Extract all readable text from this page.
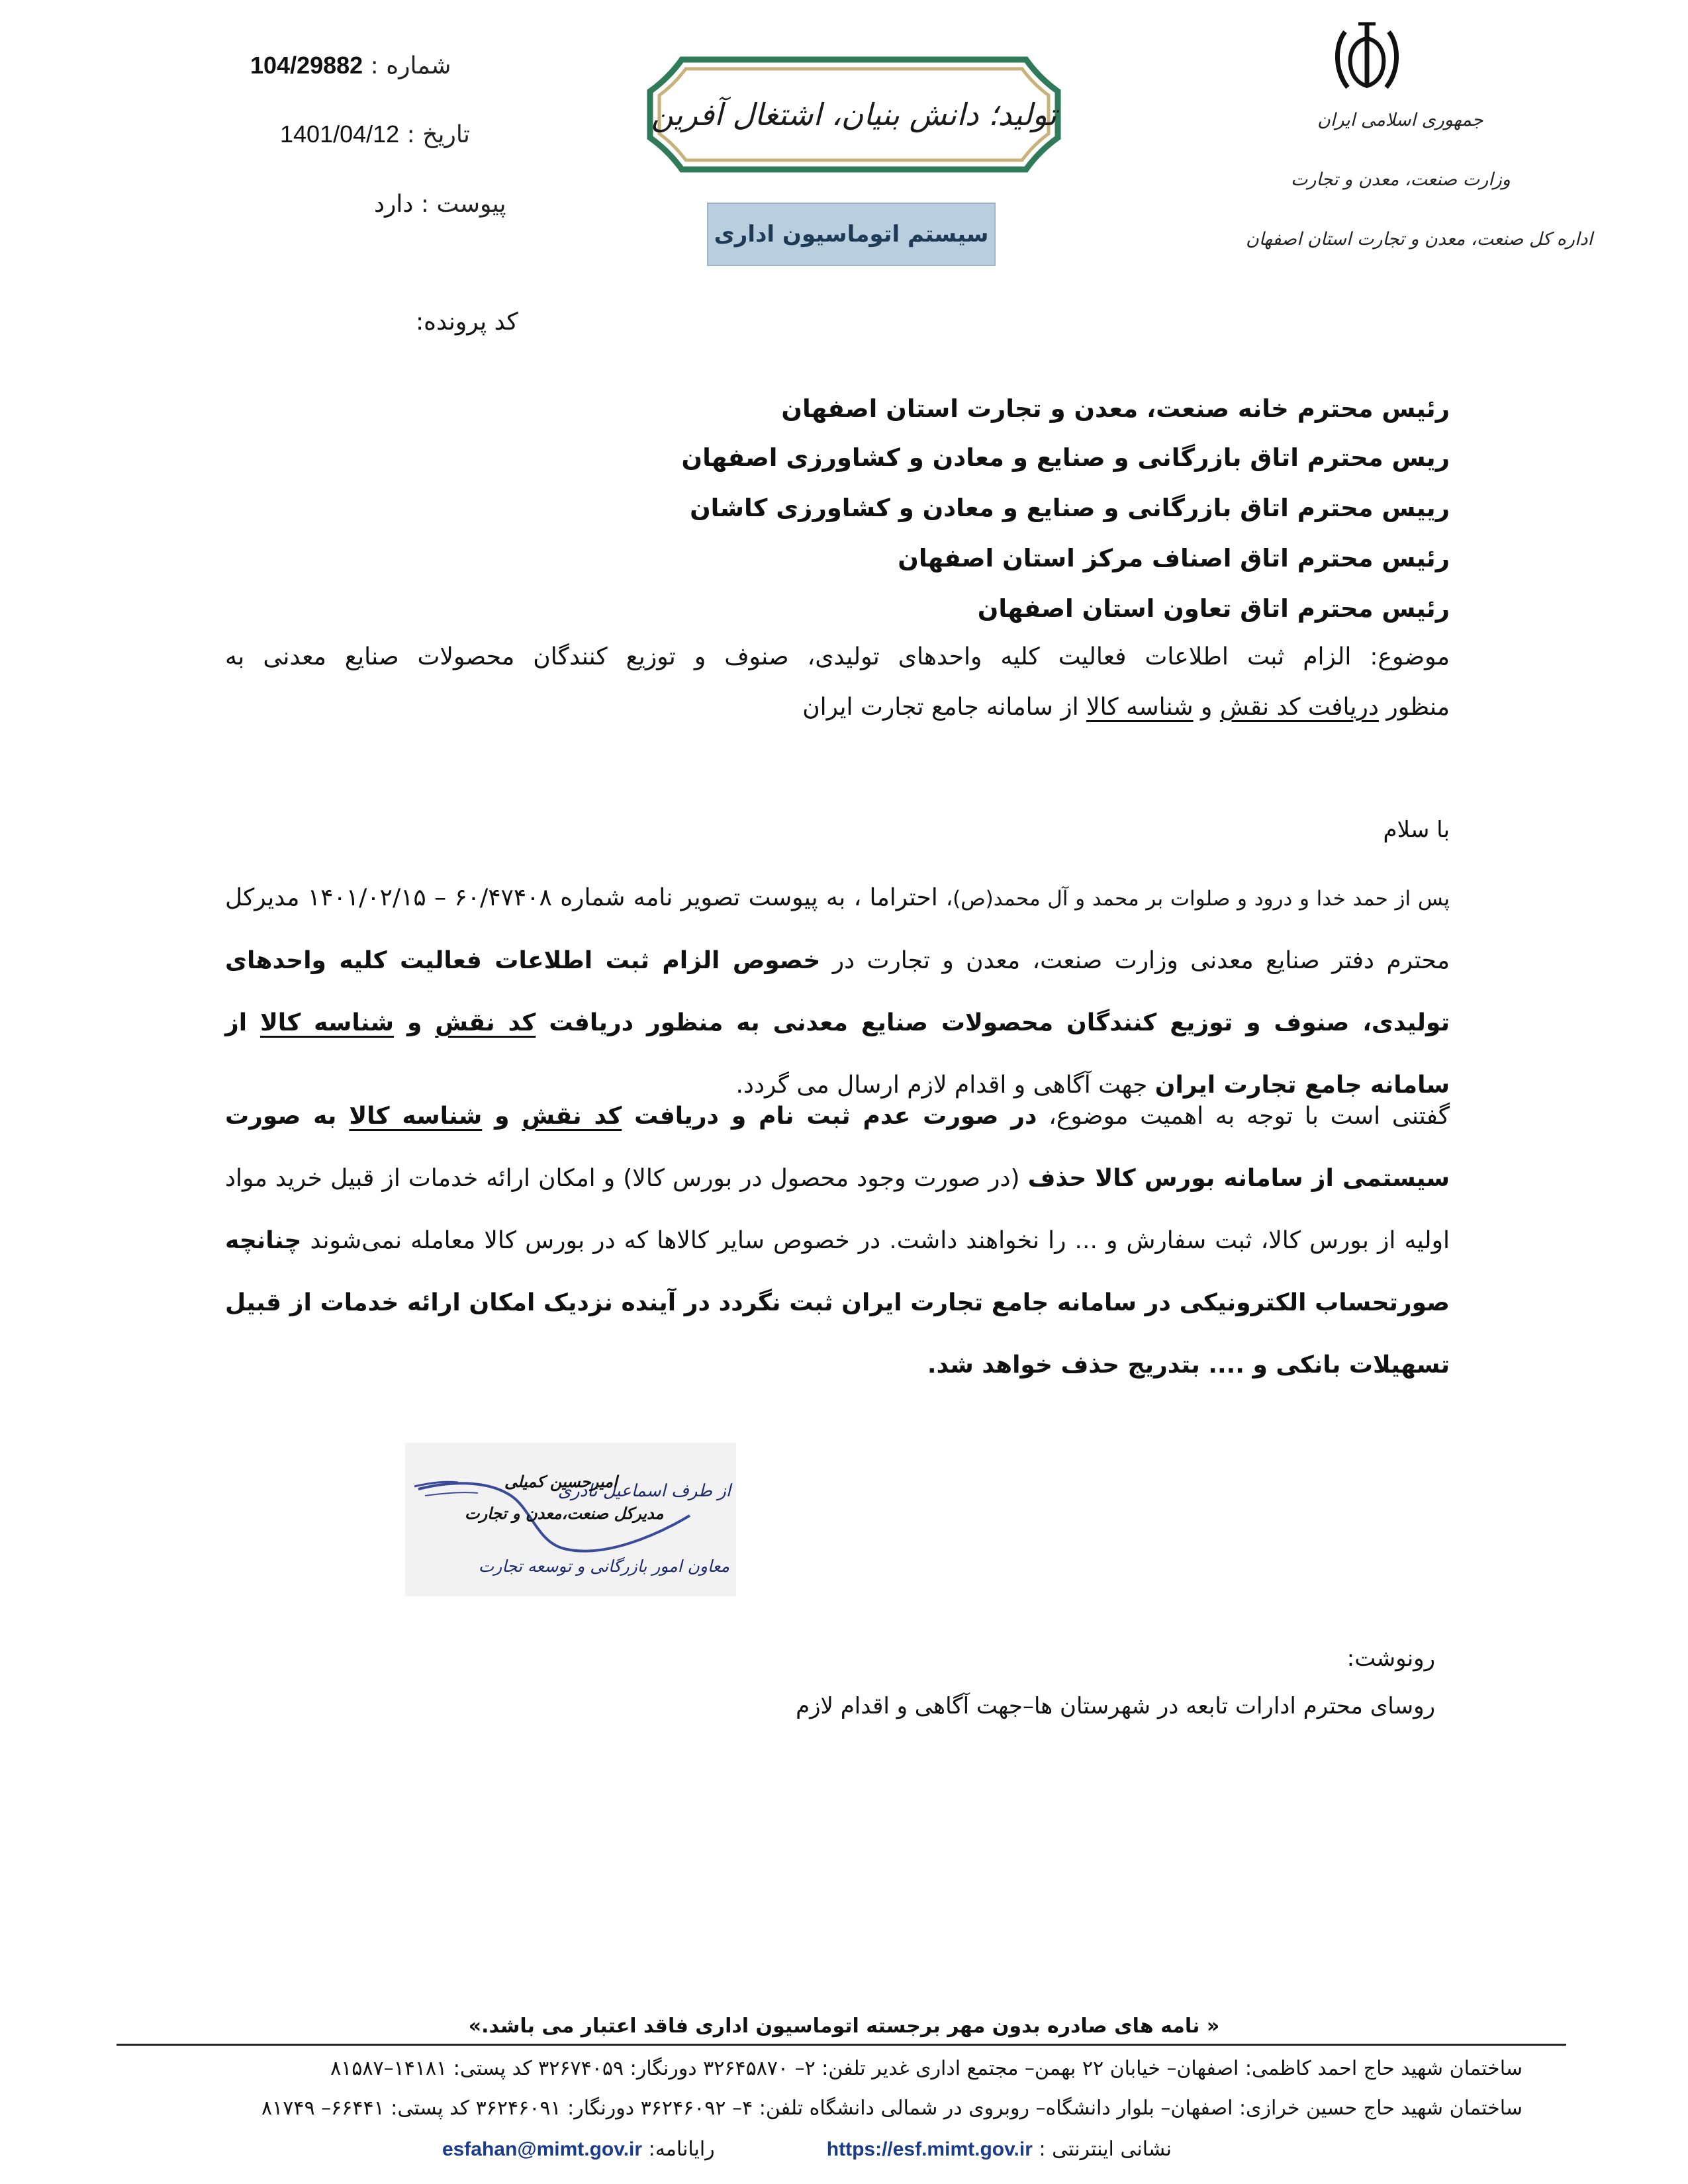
شماره : 104/29882
تاریخ : 1401/04/12
پیوست : دارد
کد پرونده:
تولید؛ دانش بنیان، اشتغال آفرین
سیستم اتوماسیون اداری
جمهوری اسلامی ایران
وزارت صنعت، معدن و تجارت
اداره کل صنعت، معدن و تجارت استان اصفهان
رئیس محترم خانه صنعت، معدن و تجارت استان اصفهان
ریس محترم اتاق بازرگانی و صنایع و معادن و کشاورزی اصفهان
رییس محترم اتاق بازرگانی و صنایع و معادن و کشاورزی کاشان
رئیس محترم اتاق اصناف مرکز استان اصفهان
رئیس محترم اتاق تعاون استان اصفهان
موضوع: الزام ثبت اطلاعات فعالیت کلیه واحدهای تولیدی، صنوف و توزیع کنندگان محصولات صنایع معدنی به
منظور دریافت کد نقش و شناسه کالا از سامانه جامع تجارت ایران
با سلام
پس از حمد خدا و درود و صلوات بر محمد و آل محمد(ص)، احتراما ، به پیوست تصویر نامه شماره ۶۰/۴۷۴۰۸ – ۱۴۰۱/۰۲/۱۵ مدیرکل محترم دفتر صنایع معدنی وزارت صنعت، معدن و تجارت در خصوص الزام ثبت اطلاعات فعالیت کلیه واحدهای تولیدی، صنوف و توزیع کنندگان محصولات صنایع معدنی به منظور دریافت کد نقش و شناسه کالا از سامانه جامع تجارت ایران جهت آگاهی و اقدام لازم ارسال می گردد.
گفتنی است با توجه به اهمیت موضوع، در صورت عدم ثبت نام و دریافت کد نقش و شناسه کالا به صورت سیستمی از سامانه بورس کالا حذف (در صورت وجود محصول در بورس کالا) و امکان ارائه خدمات از قبیل خرید مواد اولیه از بورس کالا، ثبت سفارش و ... را نخواهند داشت. در خصوص سایر کالاها که در بورس کالا معامله نمی‌شوند چنانچه صورتحساب الکترونیکی در سامانه جامع تجارت ایران ثبت نگردد در آینده نزدیک امکان ارائه خدمات از قبیل تسهیلات بانکی و .... بتدریج حذف خواهد شد.
از طرف اسماعیل نادری
امیرحسین کمیلی
مدیرکل صنعت،معدن و تجارت
معاون امور بازرگانی و توسعه تجارت
رونوشت:
روسای محترم ادارات تابعه در شهرستان ها–جهت آگاهی و اقدام لازم
« نامه های صادره بدون مهر برجسته اتوماسیون اداری فاقد اعتبار می باشد.»
ساختمان شهید حاج احمد کاظمی: اصفهان– خیابان ۲۲ بهمن– مجتمع اداری غدیر تلفن: ۲– ۳۲۶۴۵۸۷۰ دورنگار: ۳۲۶۷۴۰۵۹ کد پستی: ۱۴۱۸۱–۸۱۵۸۷
ساختمان شهید حاج حسین خرازی: اصفهان– بلوار دانشگاه– روبروی در شمالی دانشگاه تلفن: ۴– ۳۶۲۴۶۰۹۲ دورنگار: ۳۶۲۴۶۰۹۱ کد پستی: ۶۶۴۴۱– ۸۱۷۴۹
نشانی اینترنتی : https://esf.mimt.gov.ir  رایانامه: esfahan@mimt.gov.ir
